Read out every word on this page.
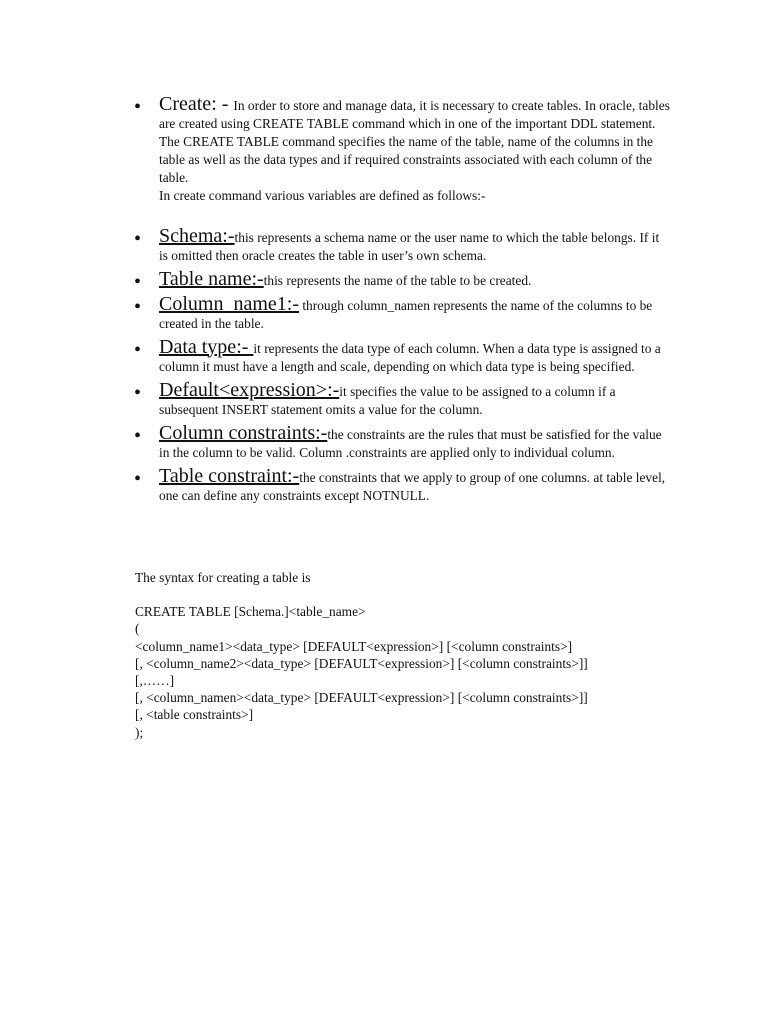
• Create: - In order to store and manage data, it is necessary to create tables. In oracle, tables are created using CREATE TABLE command which in one of the important DDL statement. The CREATE TABLE command specifies the name of the table, name of the columns in the table as well as the data types and if required constraints associated with each column of the table.
In create command various variables are defined as follows:-
• Schema:-this represents a schema name or the user name to which the table belongs. If it is omitted then oracle creates the table in user’s own schema.
• Table name:-this represents the name of the table to be created.
• Column_name1:- through column_namen represents the name of the columns to be created in the table.
• Data type:- it represents the data type of each column. When a data type is assigned to a column it must have a length and scale, depending on which data type is being specified.
• Default<expression>:-it specifies the value to be assigned to a column if a subsequent INSERT statement omits a value for the column.
• Column constraints:-the constraints are the rules that must be satisfied for the value in the column to be valid. Column .constraints are applied only to individual column.
• Table constraint:-the constraints that we apply to group of one columns. at table level, one can define any constraints except NOTNULL.

The syntax for creating a table is

CREATE TABLE [Schema.]<table_name>

(

<column_name1><data_type> [DEFAULT<expression>] [<column constraints>]

[, <column_name2><data_type> [DEFAULT<expression>] [<column constraints>]]

[,……]

[, <column_namen><data_type> [DEFAULT<expression>] [<column constraints>]]

[, <table constraints>]

);
